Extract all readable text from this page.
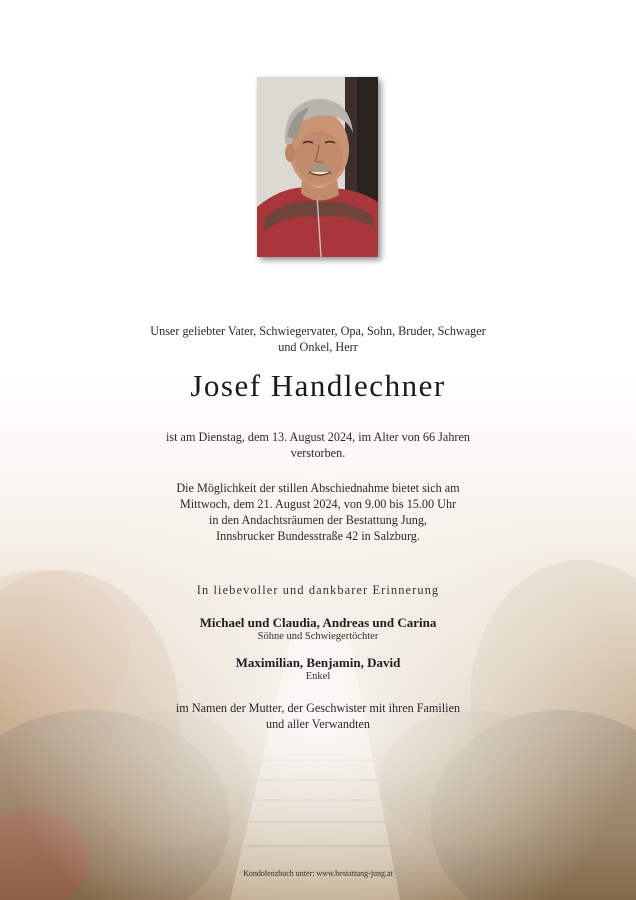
Unser geliebter Vater, Schwiegervater, Opa, Sohn, Bruder, Schwager
und Onkel, Herr
Josef Handlechner
ist am Dienstag, dem 13. August 2024, im Alter von 66 Jahren
verstorben.
Die Möglichkeit der stillen Abschiednahme bietet sich am
Mittwoch, dem 21. August 2024, von 9.00 bis 15.00 Uhr
in den Andachtsräumen der Bestattung Jung,
Innsbrucker Bundesstraße 42 in Salzburg.
In liebevoller und dankbarer Erinnerung
Michael und Claudia, Andreas und Carina
Söhne und Schwiegertöchter
Maximilian, Benjamin, David
Enkel
im Namen der Mutter, der Geschwister mit ihren Familien
und aller Verwandten
Kondolenzbuch unter: www.bestattung-jung.at
